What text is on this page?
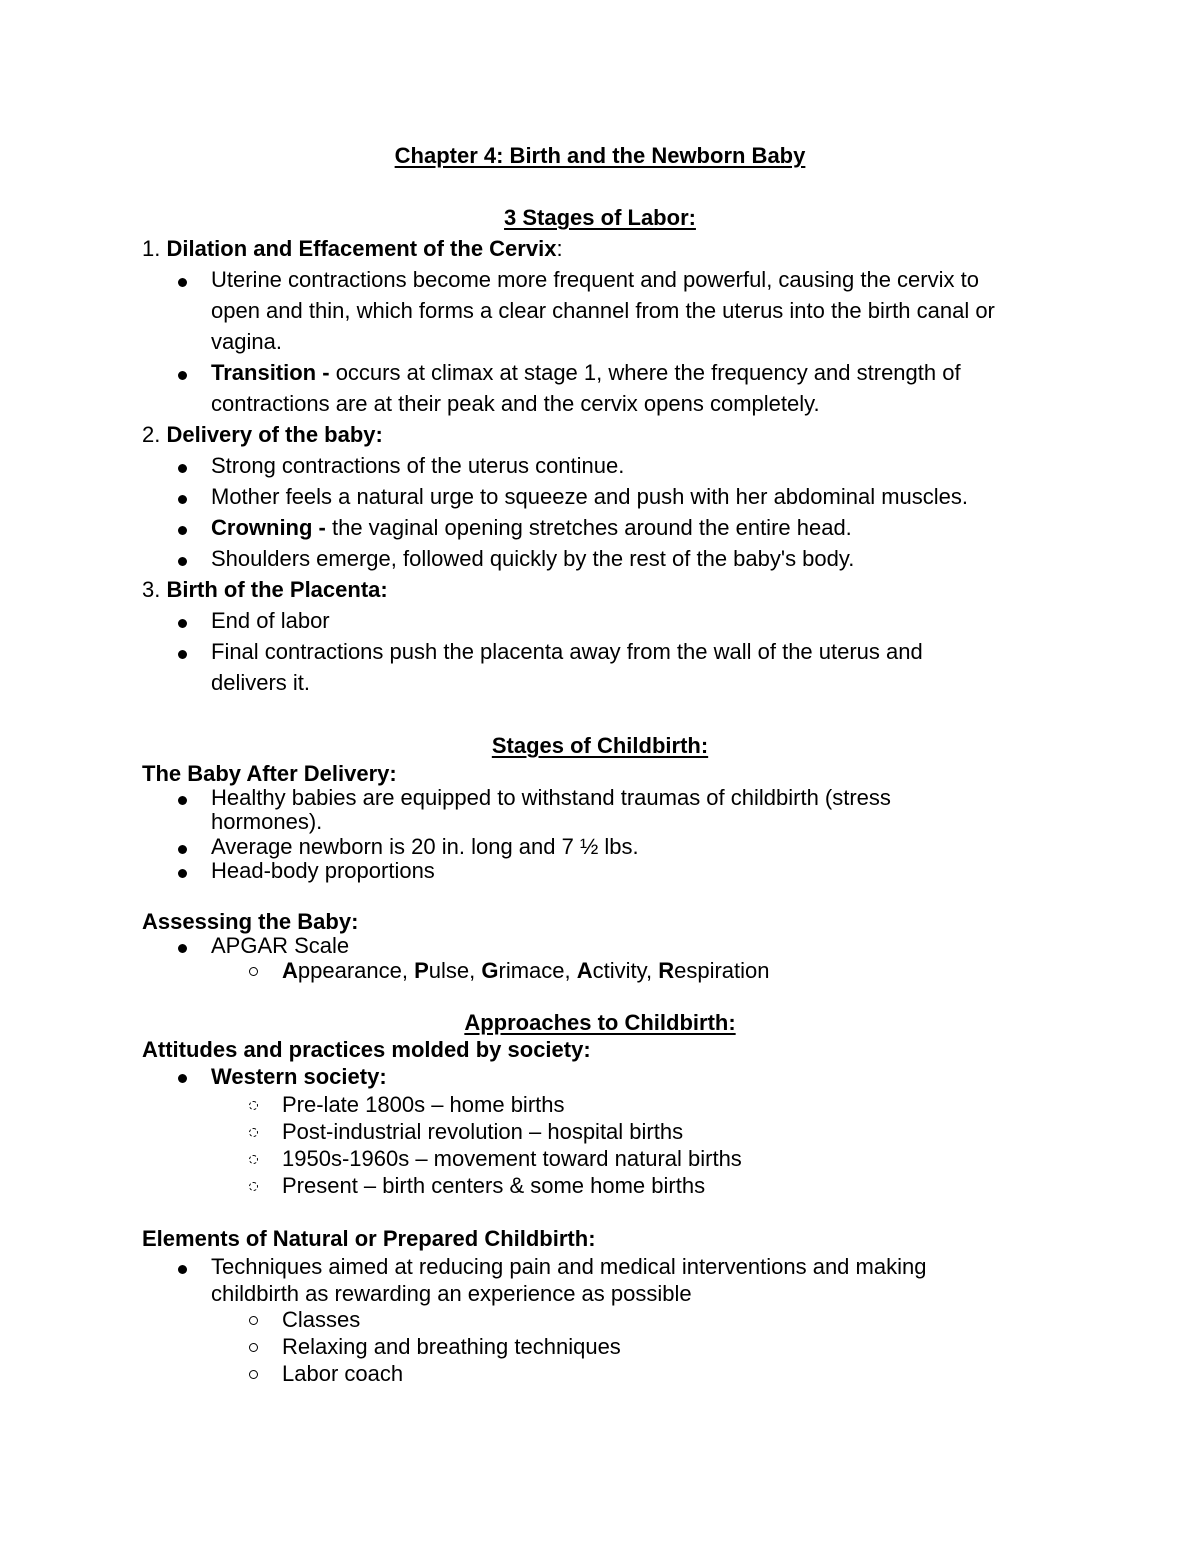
Chapter 4: Birth and the Newborn Baby
3 Stages of Labor:
1. Dilation and Effacement of the Cervix:
Uterine contractions become more frequent and powerful, causing the cervix to
open and thin, which forms a clear channel from the uterus into the birth canal or
vagina.
Transition - occurs at climax at stage 1, where the frequency and strength of
contractions are at their peak and the cervix opens completely.
2. Delivery of the baby:
Strong contractions of the uterus continue.
Mother feels a natural urge to squeeze and push with her abdominal muscles.
Crowning - the vaginal opening stretches around the entire head.
Shoulders emerge, followed quickly by the rest of the baby's body.
3. Birth of the Placenta:
End of labor
Final contractions push the placenta away from the wall of the uterus and
delivers it.
Stages of Childbirth:
The Baby After Delivery:
Healthy babies are equipped to withstand traumas of childbirth (stress
hormones).
Average newborn is 20 in. long and 7 ½ lbs.
Head-body proportions
Assessing the Baby:
APGAR Scale
Appearance, Pulse, Grimace, Activity, Respiration
Approaches to Childbirth:
Attitudes and practices molded by society:
Western society:
Pre-late 1800s – home births
Post-industrial revolution – hospital births
1950s-1960s – movement toward natural births
Present – birth centers & some home births
Elements of Natural or Prepared Childbirth:
Techniques aimed at reducing pain and medical interventions and making
childbirth as rewarding an experience as possible
Classes
Relaxing and breathing techniques
Labor coach
